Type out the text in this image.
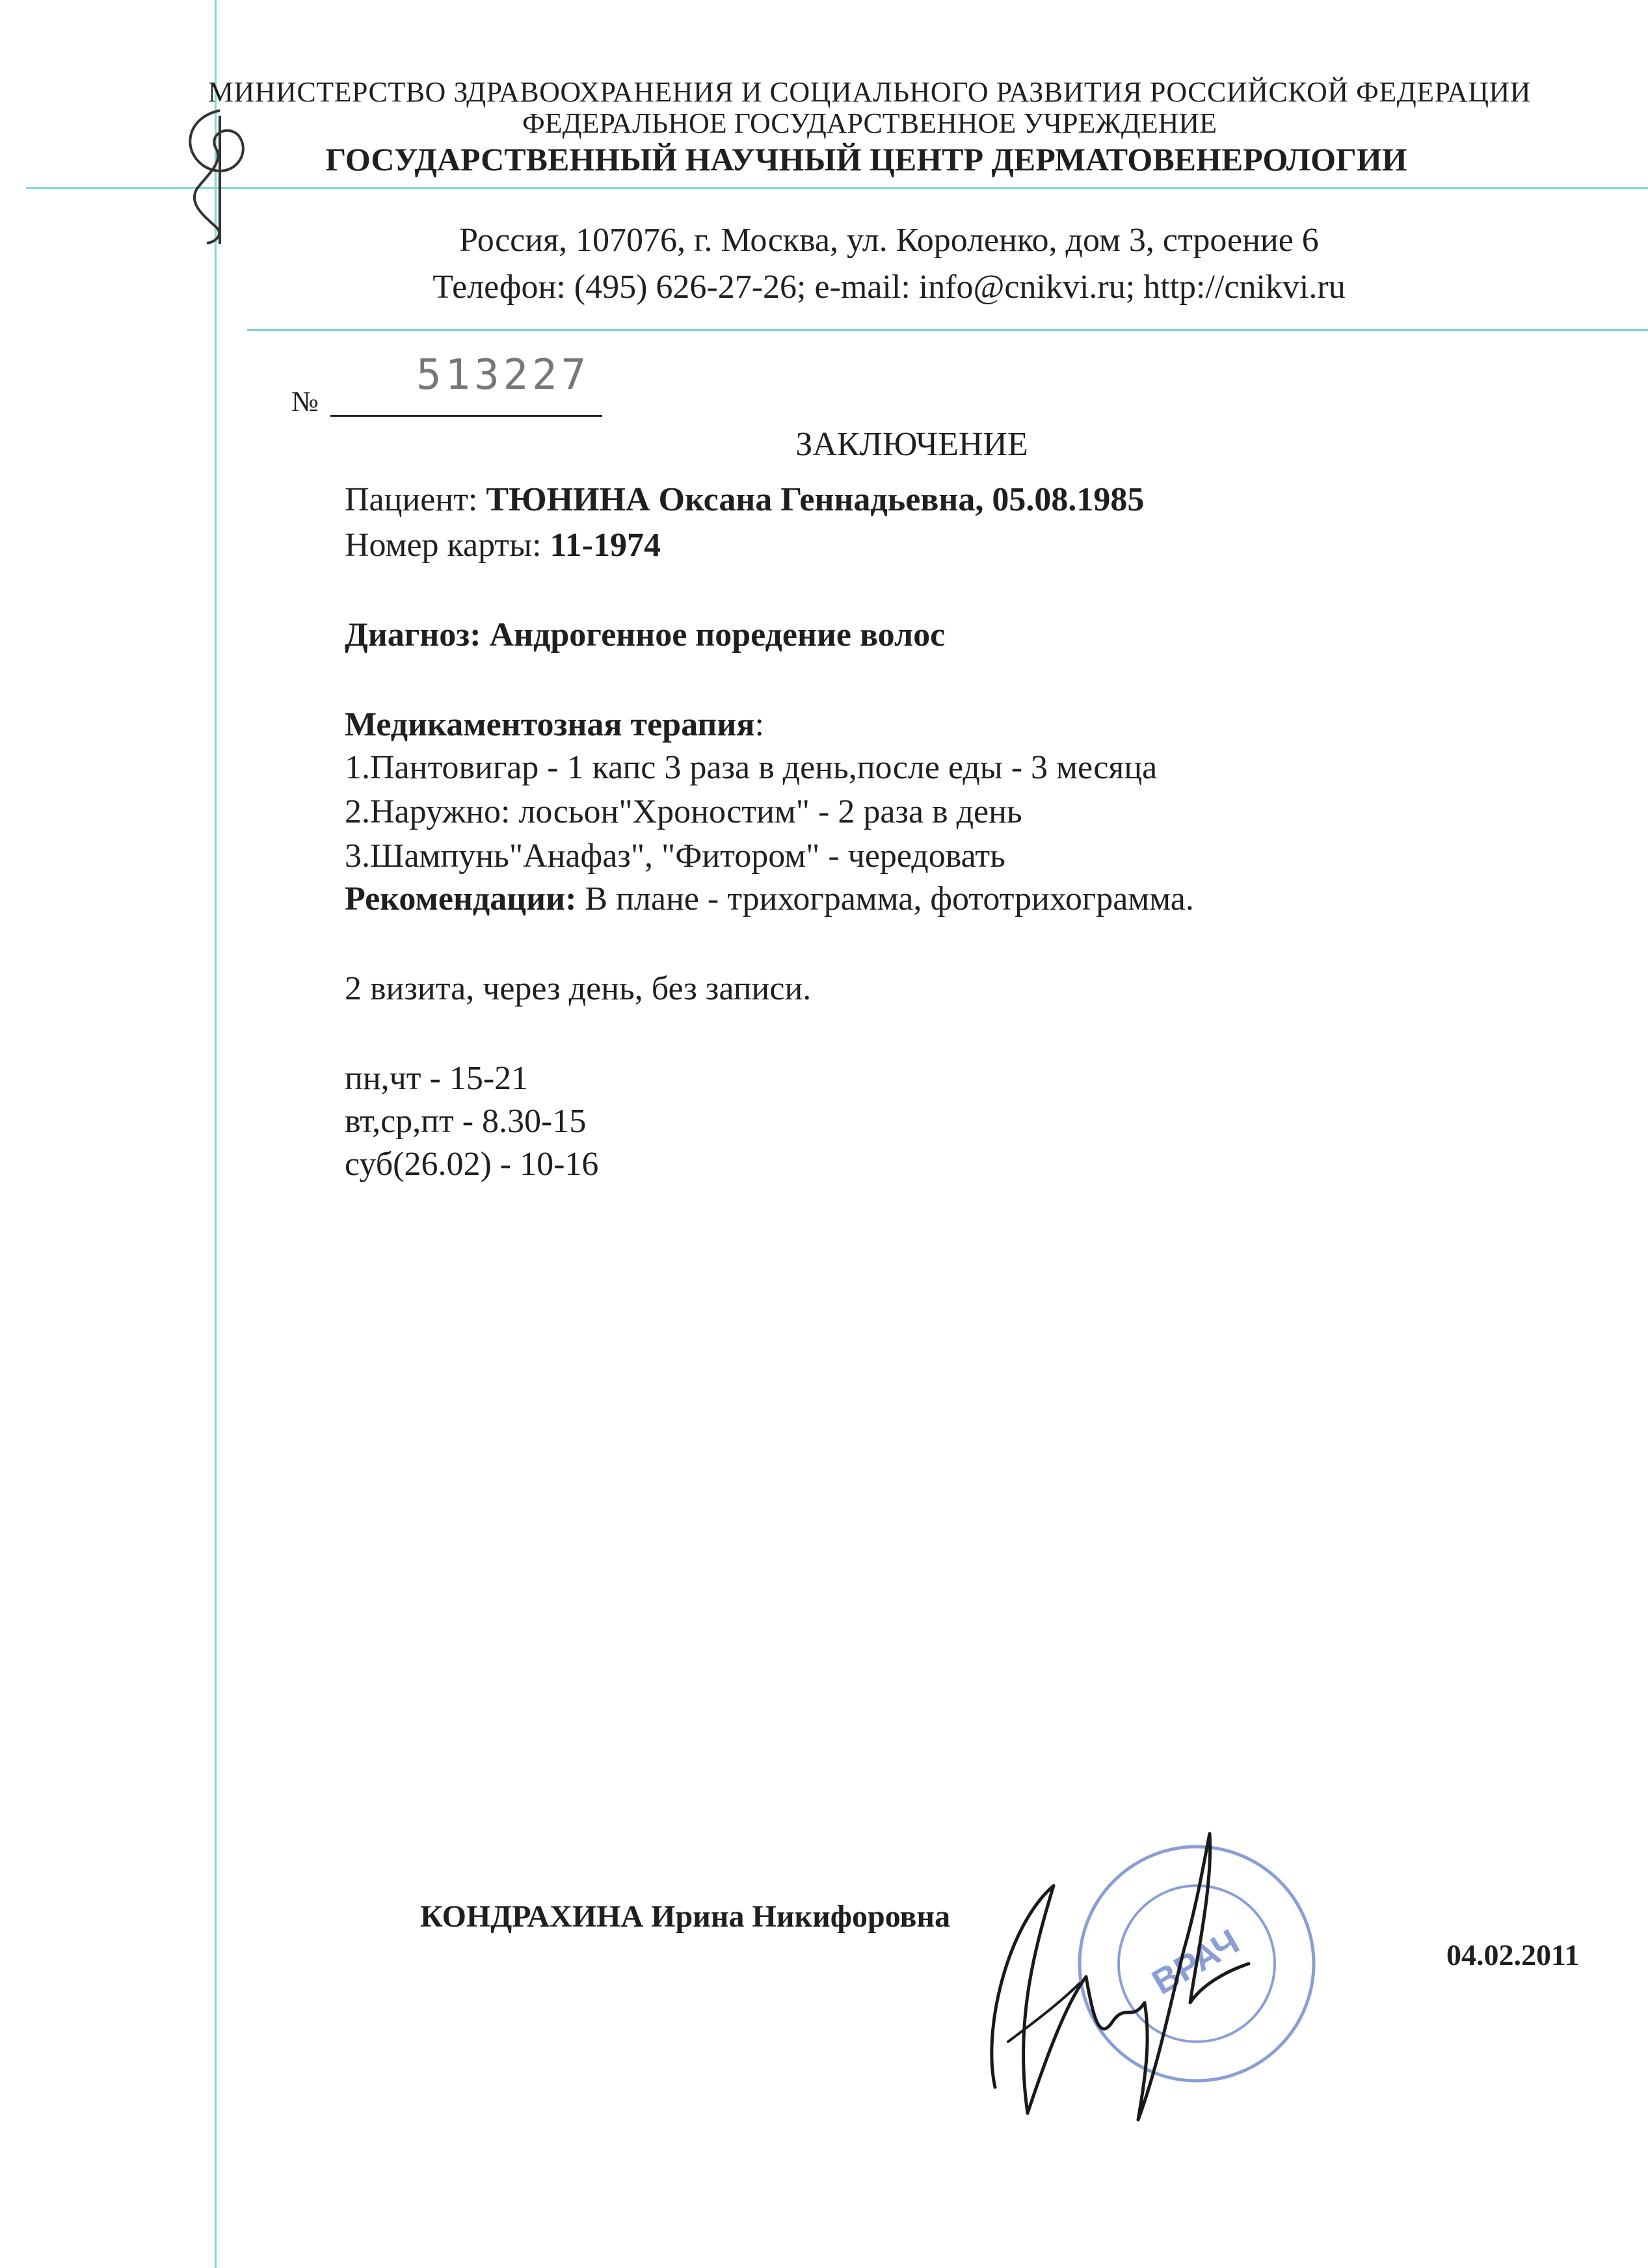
МИНИСТЕРСТВО ЗДРАВООХРАНЕНИЯ И СОЦИАЛЬНОГО РАЗВИТИЯ РОССИЙСКОЙ ФЕДЕРАЦИИ
ФЕДЕРАЛЬНОЕ ГОСУДАРСТВЕННОЕ УЧРЕЖДЕНИЕ
ГОСУДАРСТВЕННЫЙ НАУЧНЫЙ ЦЕНТР ДЕРМАТОВЕНЕРОЛОГИИ
Россия, 107076, г. Москва, ул. Короленко, дом 3, строение 6
Телефон: (495) 626-27-26; e-mail: info@cnikvi.ru; http://cnikvi.ru
№
513227
ЗАКЛЮЧЕНИЕ
Пациент: ТЮНИНА Оксана Геннадьевна, 05.08.1985
Номер карты: 11-1974
Диагноз: Андрогенное поредение волос
Медикаментозная терапия:
1.Пантовигар - 1 капс 3 раза в день,после еды - 3 месяца
2.Наружно: лосьон"Хроностим" - 2 раза в день
3.Шампунь"Анафаз", "Фитором" - чередовать
Рекомендации: В плане - трихограмма, фототрихограмма.
2 визита, через день, без записи.
пн,чт - 15-21
вт,ср,пт - 8.30-15
суб(26.02) - 10-16
КОНДРАХИНА Ирина Никифоровна
04.02.2011
ВРАЧ
